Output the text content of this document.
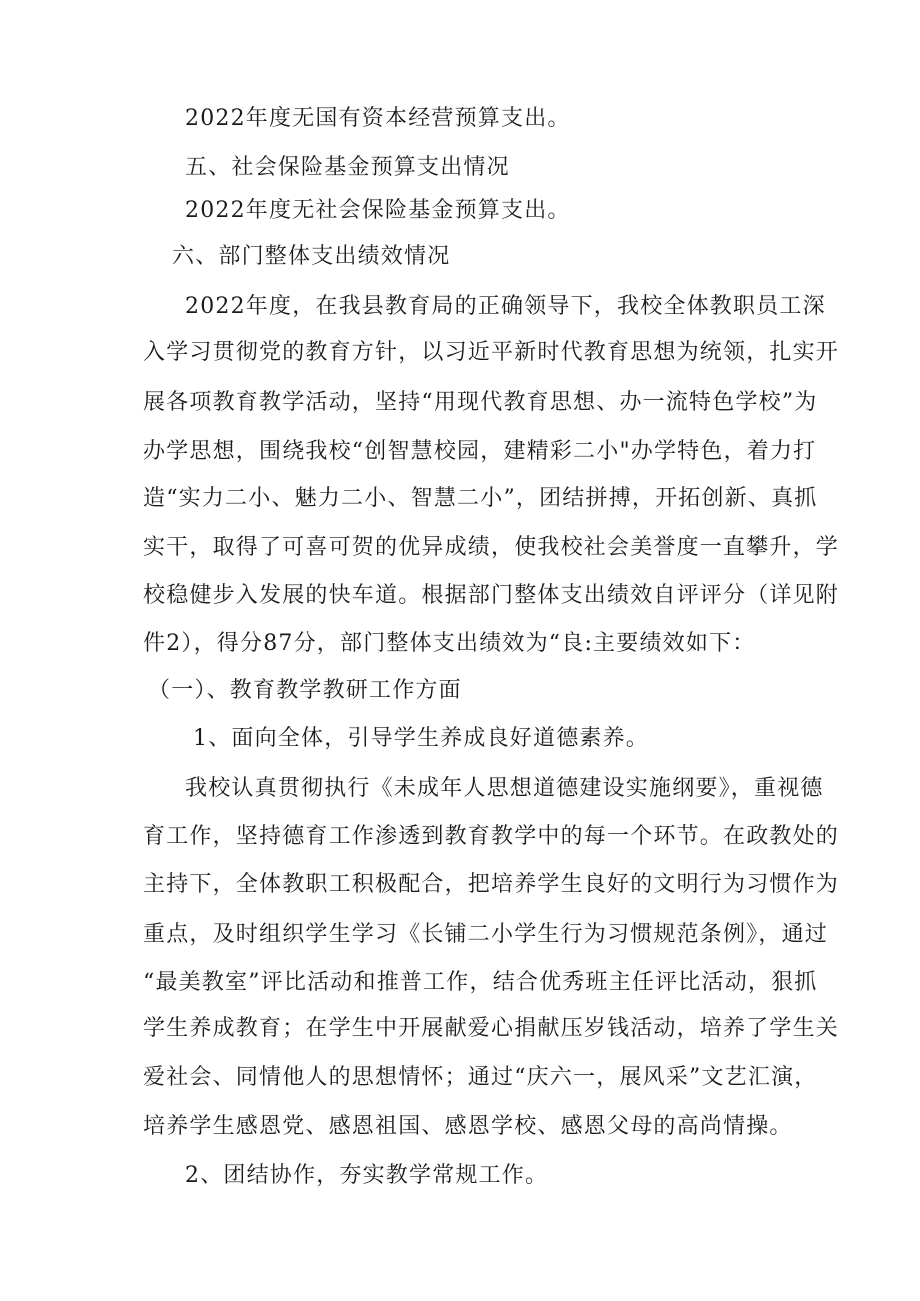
2022年度无国有资本经营预算支出。
五、社会保险基金预算支出情况
2022年度无社会保险基金预算支出。
六、部门整体支出绩效情况
2022年度，在我县教育局的正确领导下，我校全体教职员工深
入学习贯彻党的教育方针，以习近平新时代教育思想为统领，扎实开
展各项教育教学活动，坚持“用现代教育思想、办一流特色学校”为
办学思想，围绕我校“创智慧校园，建精彩二小"办学特色，着力打
造“实力二小、魅力二小、智慧二小”，团结拼搏，开拓创新、真抓
实干，取得了可喜可贺的优异成绩，使我校社会美誉度一直攀升，学
校稳健步入发展的快车道。根据部门整体支出绩效自评评分（详见附
件2），得分87分，部门整体支出绩效为“良:主要绩效如下：
（一）、教育教学教研工作方面
1、面向全体，引导学生养成良好道德素养。
我校认真贯彻执行《未成年人思想道德建设实施纲要》，重视德
育工作，坚持德育工作渗透到教育教学中的每一个环节。在政教处的
主持下，全体教职工积极配合，把培养学生良好的文明行为习惯作为
重点，及时组织学生学习《长铺二小学生行为习惯规范条例》，通过
“最美教室”评比活动和推普工作，结合优秀班主任评比活动，狠抓
学生养成教育；在学生中开展献爱心捐献压岁钱活动，培养了学生关
爱社会、同情他人的思想情怀；通过“庆六一，展风采”文艺汇演，
培养学生感恩党、感恩祖国、感恩学校、感恩父母的高尚情操。
2、团结协作，夯实教学常规工作。
